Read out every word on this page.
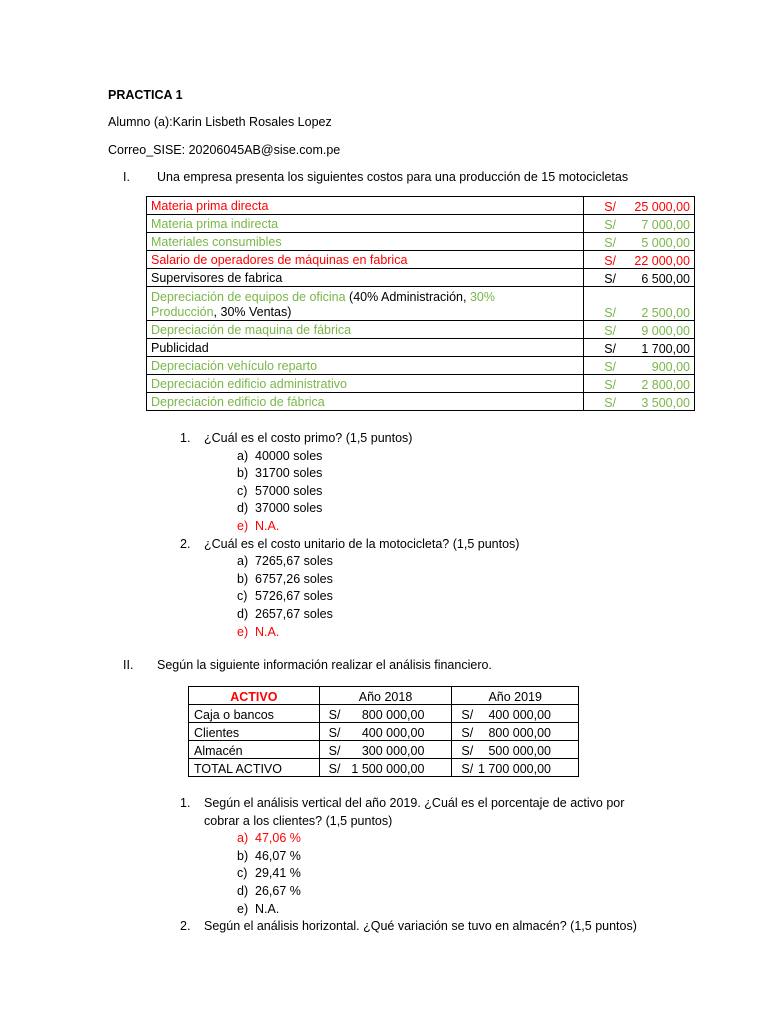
PRACTICA 1
Alumno (a):Karin Lisbeth Rosales Lopez
Correo_SISE: 20206045AB@sise.com.pe
I. Una empresa presenta los siguientes costos para una producción de 15 motocicletas
Materia prima directa	S/ 25 000,00

Materia prima indirecta	S/ 7 000,00

Materiales consumibles	S/ 5 000,00

Salario de operadores de máquinas en fabrica	S/ 22 000,00

Supervisores de fabrica	S/ 6 500,00

Depreciación de equipos de oficina (40% Administración, 30%
Producción, 30% Ventas)	S/ 2 500,00

Depreciación de maquina de fábrica	S/ 9 000,00

Publicidad	S/ 1 700,00

Depreciación vehículo reparto	S/ 900,00

Depreciación edificio administrativo	S/ 2 800,00

Depreciación edificio de fábrica	S/ 3 500,00
1. ¿Cuál es el costo primo? (1,5 puntos)
a) 40000 soles
b) 31700 soles
c) 57000 soles
d) 37000 soles
e) N.A.
2. ¿Cuál es el costo unitario de la motocicleta? (1,5 puntos)
a) 7265,67 soles
b) 6757,26 soles
c) 5726,67 soles
d) 2657,67 soles
e) N.A.
II. Según la siguiente información realizar el análisis financiero.
ACTIVO	Año 2018	Año 2019
Caja o bancos	S/ 800 000,00	S/ 400 000,00

Clientes	S/ 400 000,00	S/ 800 000,00

Almacén	S/ 300 000,00	S/ 500 000,00

TOTAL ACTIVO	S/ 1 500 000,00	S/ 1 700 000,00
1. Según el análisis vertical del año 2019. ¿Cuál es el porcentaje de activo por
cobrar a los clientes? (1,5 puntos)
a) 47,06 %
b) 46,07 %
c) 29,41 %
d) 26,67 %
e) N.A.
2. Según el análisis horizontal. ¿Qué variación se tuvo en almacén? (1,5 puntos)
